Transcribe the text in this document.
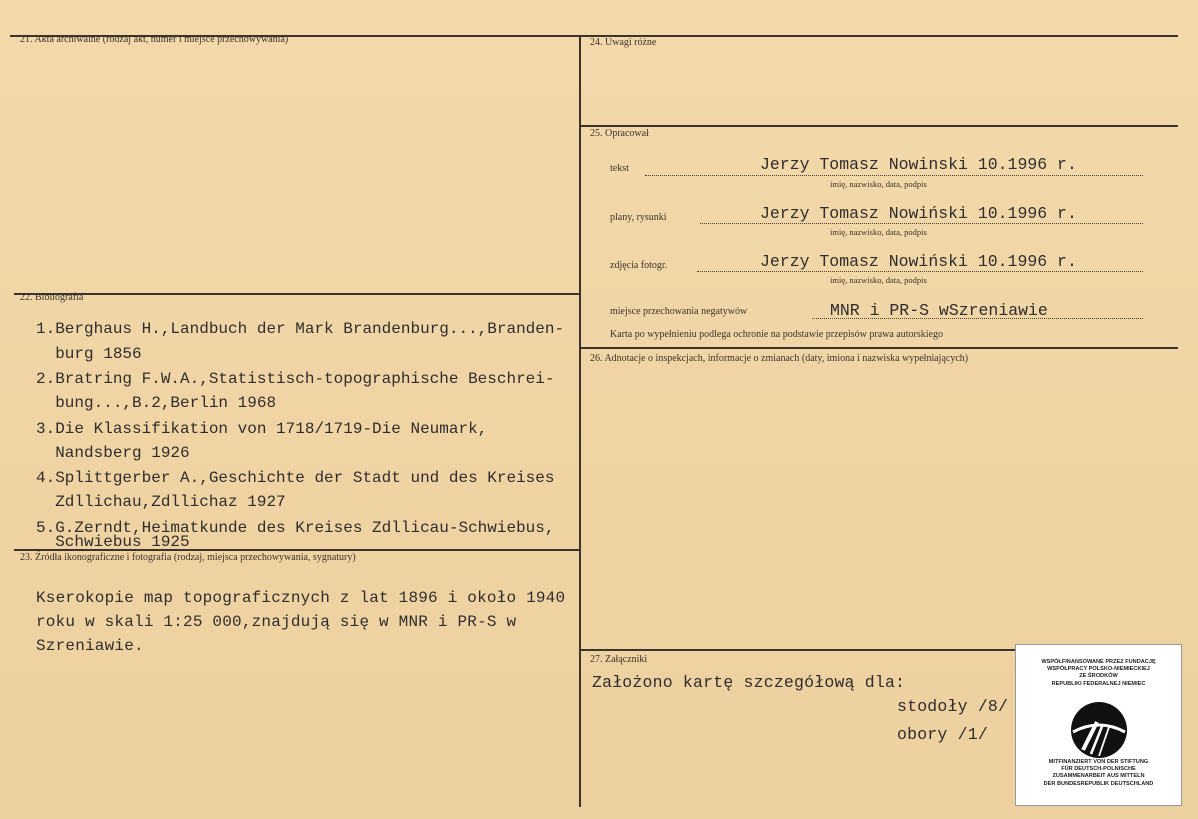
21. Akta archiwalne (rodzaj akt, numer i miejsce przechowywania)
22. Bibliografia
23. Źródła ikonograficzne i fotografia (rodzaj, miejsca przechowywania, sygnatury)
24. Uwagi różne
25. Opracował
26. Adnotacje o inspekcjach, informacje o zmianach (daty, imiona i nazwiska wypełniających)
27. Załączniki
1.Berghaus H.,Landbuch der Mark Brandenburg...,Branden-
burg 1856
2.Bratring F.W.A.,Statistisch-topographische Beschrei-
bung...,B.2,Berlin 1968
3.Die Klassifikation von 1718/1719-Die Neumark,
Nandsberg 1926
4.Splittgerber A.,Geschichte der Stadt und des Kreises
Zdllichau,Zdllichaz 1927
5.G.Zerndt,Heimatkunde des Kreises Zdllicau-Schwiebus,
Schwiebus 1925
Kserokopie map topograficznych z lat 1896 i około 1940
roku w skali 1:25 000,znajdują się w MNR i PR-S w
Szreniawie.
tekst	Jerzy Tomasz Nowinski 10.1996 r.
imię, nazwisko, data, podpis
plany, rysunki	Jerzy Tomasz Nowiński 10.1996 r.
imię, nazwisko, data, podpis
zdjęcia fotogr.	Jerzy Tomasz Nowiński 10.1996 r.
imię, nazwisko, data, podpis
miejsce przechowania negatywów	MNR i PR-S wSzreniawie
Karta po wypełnieniu podlega ochronie na podstawie przepisów prawa autorskiego
Założono kartę szczegółową dla:
stodoły /8/
obory /1/
WSPÓŁFINANSOWANE PRZEZ FUNDACJĘ
WSPÓŁPRACY POLSKO-NIEMIECKIEJ
ZE ŚRODKÓW
REPUBLIKI FEDERALNEJ NIEMIEC
MITFINANZIERT VON DER STIFTUNG
FÜR DEUTSCH-POLNISCHE
ZUSAMMENARBEIT AUS MITTELN
DER BUNDESREPUBLIK DEUTSCHLAND
